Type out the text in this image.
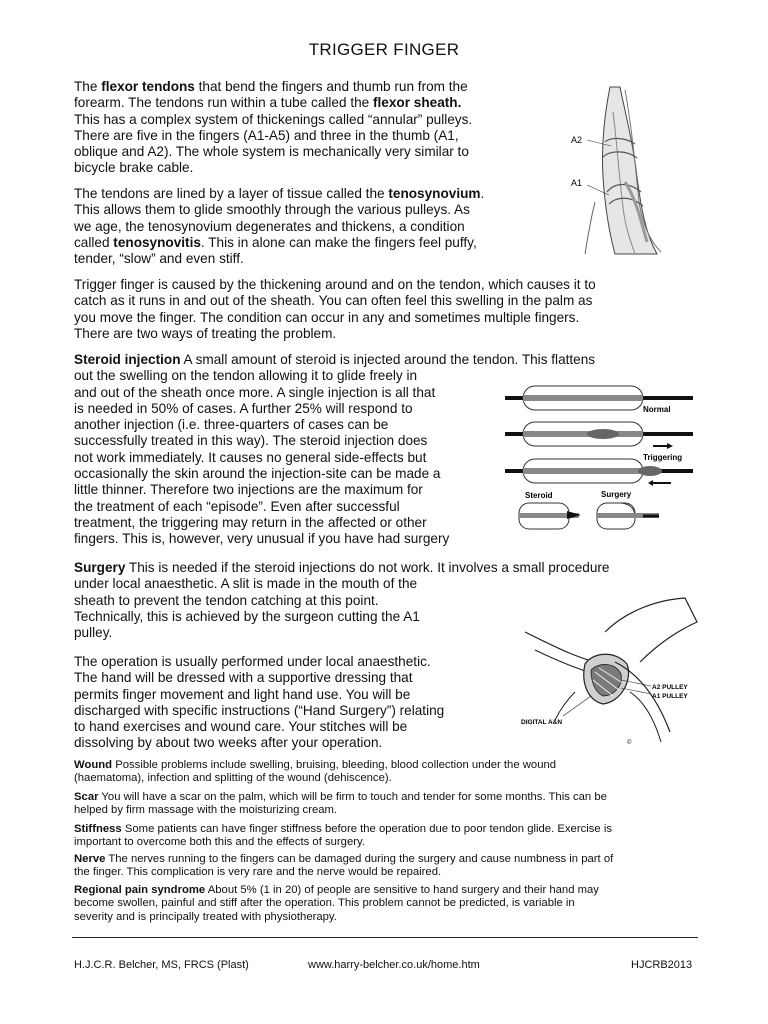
TRIGGER FINGER
The flexor tendons that bend the fingers and thumb run from the
forearm. The tendons run within a tube called the flexor sheath.
This has a complex system of thickenings called “annular” pulleys.
There are five in the fingers (A1-A5) and three in the thumb (A1,
oblique and A2). The whole system is mechanically very similar to
bicycle brake cable.
The tendons are lined by a layer of tissue called the tenosynovium.
This allows them to glide smoothly through the various pulleys. As
we age, the tenosynovium degenerates and thickens, a condition
called tenosynovitis. This in alone can make the fingers feel puffy,
tender, “slow” and even stiff.
Trigger finger is caused by the thickening around and on the tendon, which causes it to
catch as it runs in and out of the sheath. You can often feel this swelling in the palm as
you move the finger. The condition can occur in any and sometimes multiple fingers.
There are two ways of treating the problem.
Steroid injection A small amount of steroid is injected around the tendon. This flattens
out the swelling on the tendon allowing it to glide freely in
and out of the sheath once more. A single injection is all that
is needed in 50% of cases. A further 25% will respond to
another injection (i.e. three-quarters of cases can be
successfully treated in this way). The steroid injection does
not work immediately. It causes no general side-effects but
occasionally the skin around the injection-site can be made a
little thinner. Therefore two injections are the maximum for
the treatment of each “episode”. Even after successful
treatment, the triggering may return in the affected or other
fingers. This is, however, very unusual if you have had surgery
Surgery This is needed if the steroid injections do not work. It involves a small procedure
under local anaesthetic. A slit is made in the mouth of the
sheath to prevent the tendon catching at this point.
Technically, this is achieved by the surgeon cutting the A1
pulley.
The operation is usually performed under local anaesthetic.
The hand will be dressed with a supportive dressing that
permits finger movement and light hand use. You will be
discharged with specific instructions (“Hand Surgery”) relating
to hand exercises and wound care. Your stitches will be
dissolving by about two weeks after your operation.
Wound Possible problems include swelling, bruising, bleeding, blood collection under the wound
(haematoma), infection and splitting of the wound (dehiscence).
Scar You will have a scar on the palm, which will be firm to touch and tender for some months. This can be
helped by firm massage with the moisturizing cream.
Stiffness Some patients can have finger stiffness before the operation due to poor tendon glide. Exercise is
important to overcome both this and the effects of surgery.
Nerve The nerves running to the fingers can be damaged during the surgery and cause numbness in part of
the finger. This complication is very rare and the nerve would be repaired.
Regional pain syndrome About 5% (1 in 20) of people are sensitive to hand surgery and their hand may
become swollen, painful and stiff after the operation. This problem cannot be predicted, is variable in
severity and is principally treated with physiotherapy.
A2
A1
Normal
Triggering
Steroid	Surgery
A2 PULLEY
A1 PULLEY
DIGITAL A&N
©
H.J.C.R. Belcher, MS, FRCS (Plast)	www.harry-belcher.co.uk/home.htm	HJCRB2013
